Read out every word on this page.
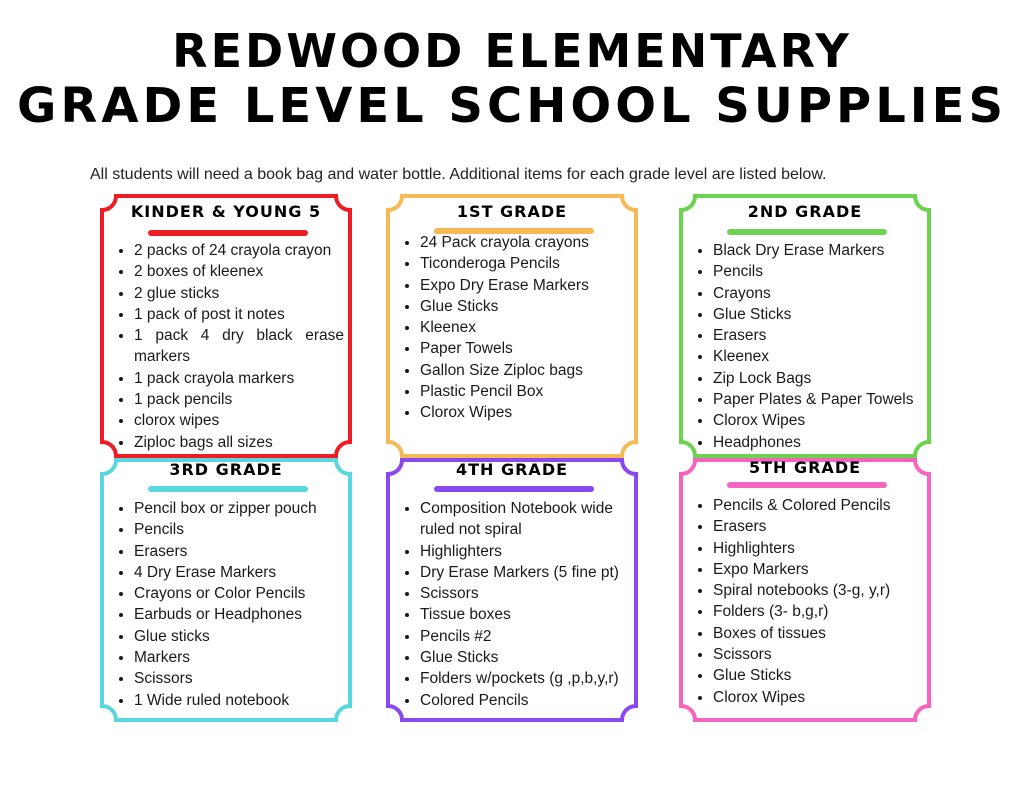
REDWOOD ELEMENTARY
GRADE LEVEL SCHOOL SUPPLIES
All students will need a book bag and water bottle. Additional items for each grade level are listed below.
KINDER & YOUNG 5
• 2 packs of 24 crayola crayon
• 2 boxes of kleenex
• 2 glue sticks
• 1 pack of post it notes
• 1 pack 4 dry black erase markers
• 1 pack crayola markers
• 1 pack pencils
• clorox wipes
• Ziploc bags all sizes
1ST GRADE
• 24 Pack crayola crayons
• Ticonderoga Pencils
• Expo Dry Erase Markers
• Glue Sticks
• Kleenex
• Paper Towels
• Gallon Size Ziploc bags
• Plastic Pencil Box
• Clorox Wipes
2ND GRADE
• Black Dry Erase Markers
• Pencils
• Crayons
• Glue Sticks
• Erasers
• Kleenex
• Zip Lock Bags
• Paper Plates & Paper Towels
• Clorox Wipes
• Headphones
3RD GRADE
• Pencil box or zipper pouch
• Pencils
• Erasers
• 4 Dry Erase Markers
• Crayons or Color Pencils
• Earbuds or Headphones
• Glue sticks
• Markers
• Scissors
• 1 Wide ruled notebook
4TH GRADE
• Composition Notebook wide ruled not spiral
• Highlighters
• Dry Erase Markers (5 fine pt)
• Scissors
• Tissue boxes
• Pencils #2
• Glue Sticks
• Folders w/pockets (g ,p,b,y,r)
• Colored Pencils
5TH GRADE
• Pencils & Colored Pencils
• Erasers
• Highlighters
• Expo Markers
• Spiral notebooks (3-g, y,r)
• Folders (3- b,g,r)
• Boxes of tissues
• Scissors
• Glue Sticks
• Clorox Wipes
